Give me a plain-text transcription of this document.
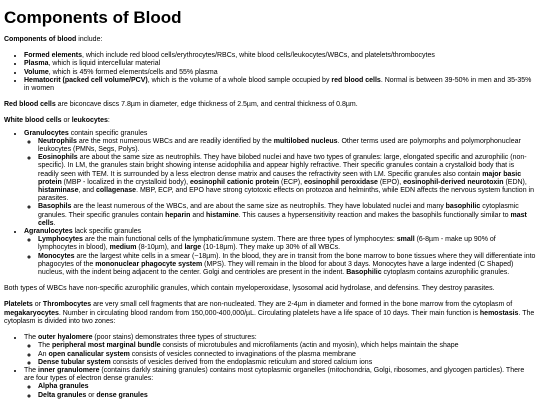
Components of Blood

Components of blood include:

• Formed elements, which include red blood cells/erythrocytes/RBCs, white blood cells/leukocytes/WBCs, and platelets/thrombocytes
• Plasma, which is liquid intercellular material
• Volume, which is 45% formed elements/cells and 55% plasma
• Hematocrit (packed cell volume/PCV), which is the volume of a whole blood sample occupied by red blood cells. Normal is between 39-50% in men and 35-35% in women

Red blood cells are biconcave discs 7.8µm in diameter, edge thickness of 2.5µm, and central thickness of 0.8µm.

White blood cells or leukocytes:

• Granulocytes contain specific granules
◦ Neutrophils are the most numerous WBCs and are readily identified by the multilobed nucleus. Other terms used are polymorphs and polymorphonuclear leukocytes (PMNs, Segs, Polys).
◦ Eosinophils are about the same size as neutrophils. They have bilobed nuclei and have two types of granules: large, elongated specific and azurophilic (non-specific). In LM, the granules stain bright showing intense acidophilia and appear highly refractive. Their specific granules contain a crystalloid body that is readily seen with TEM. It is surrounded by a less electron dense matrix and causes the refractivity seen with LM. Specific granules also contain major basic protein (MBP - localized in the crystalloid body), eosinophil cationic protein (ECP), eosinophil peroxidase (EPO), eosinophil-derived neurotoxin (EDN), histaminase, and collagenase. MBP, ECP, and EPO have strong cytotoxic effects on protozoa and helminths, while EDN affects the nervous system function in parasites.
◦ Basophils are the least numerous of the WBCs, and are about the same size as neutrophils. They have lobulated nuclei and many basophilic cytoplasmic granules. Their specific granules contain heparin and histamine. This causes a hypersensitivity reaction and makes the basophils functionally similar to mast cells.
• Agranulocytes lack specific granules
◦ Lymphocytes are the main functional cells of the lymphatic/immune system. There are three types of lymphocytes: small (6-8µm - make up 90% of lymphocytes in blood), medium (8-10µm), and large (10-18µm). They make up 30% of all WBCs.
◦ Monocytes are the largest white cells in a smear (~18µm). In the blood, they are in transit from the bone marrow to bone tissues where they will differentiate into phagocytes of the mononuclear phagocyte system (MPS). They will remain in the blood for about 3 days. Monocytes have a large indented (C Shaped) nucleus, with the indent being adjacent to the center. Golgi and centrioles are present in the indent. Basophilic cytoplasm contains azurophilic granules.

Both types of WBCs have non-specific azurophilic granules, which contain myeloperoxidase, lysosomal acid hydrolase, and defensins. They destroy parasites.

Platelets or Thrombocytes are very small cell fragments that are non-nucleated. They are 2-4µm in diameter and formed in the bone marrow from the cytoplasm of megakaryocytes. Number in circulating blood random from 150,000-400,000/µL. Circulating platelets have a life space of 10 days. Their main function is hemostasis. The cytoplasm is divided into two zones:

• The outer hyalomere (poor stains) demonstrates three types of structures:
◦ The peripheral most marginal bundle consists of microtubules and microfilaments (actin and myosin), which helps maintain the shape
◦ An open canalicular system consists of vesicles connected to invaginations of the plasma membrane
◦ Dense tubular system consists of vesicles derived from the endoplasmic reticulum and stored calcium ions
• The inner granulomere (contains darkly staining granules) contains most cytoplasmic organelles (mitochondria, Golgi, ribosomes, and glycogen particles). There are four types of electron dense granules:
◦ Alpha granules
◦ Delta granules or dense granules
